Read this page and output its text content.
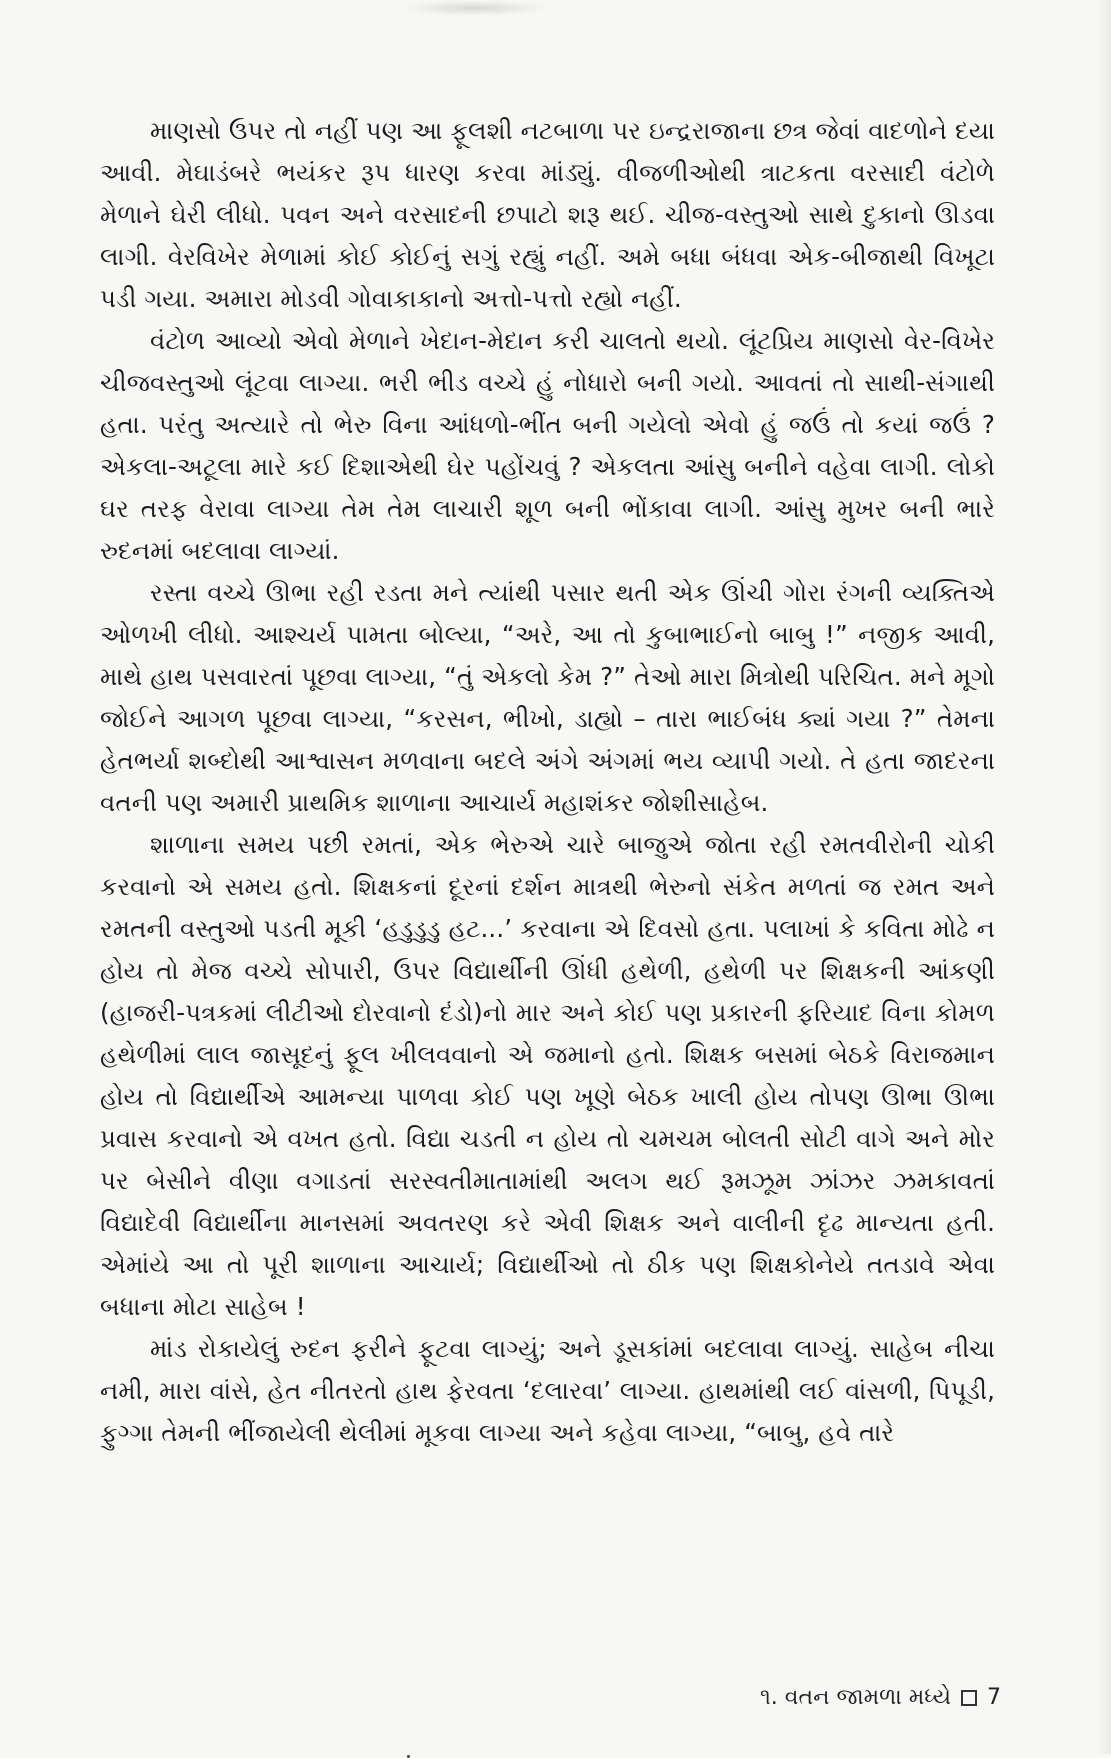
માણસો ઉપર તો નહીં પણ આ ફૂલશી નટબાળા પર ઇન્દ્રરાજાના છત્ર જેવાં વાદળોને દયા આવી. મેઘાડંબરે ભયંકર રૂપ ધારણ કરવા માંડ્યું. વીજળીઓથી ત્રાટકતા વરસાદી વંટોળે મેળાને ઘેરી લીધો. પવન અને વરસાદની છપાટો શરૂ થઈ. ચીજ-વસ્તુઓ સાથે દુકાનો ઊડવા લાગી. વેરવિખેર મેળામાં કોઈ કોઈનું સગું રહ્યું નહીં. અમે બધા બંધવા એક-બીજાથી વિખૂટા પડી ગયા. અમારા મોડવી ગોવાકાકાનો અત્તો-પત્તો રહ્યો નહીં.

વંટોળ આવ્યો એવો મેળાને ખેદાન-મેદાન કરી ચાલતો થયો. લૂંટપ્રિય માણસો વેર-વિખેર ચીજવસ્તુઓ લૂંટવા લાગ્યા. ભરી ભીડ વચ્ચે હું નોધારો બની ગયો. આવતાં તો સાથી-સંગાથી હતા. પરંતુ અત્યારે તો ભેરુ વિના આંધળો-ભીંત બની ગયેલો એવો હું જઉં તો કયાં જઉં ? એકલા-અટૂલા મારે કઈ દિશાએથી ઘેર પહોંચવું ? એકલતા આંસુ બનીને વહેવા લાગી. લોકો ઘર તરફ વેરાવા લાગ્યા તેમ તેમ લાચારી શૂળ બની ભોંકાવા લાગી. આંસુ મુખર બની ભારે રુદનમાં બદલાવા લાગ્યાં.

રસ્તા વચ્ચે ઊભા રહી રડતા મને ત્યાંથી પસાર થતી એક ઊંચી ગોરા રંગની વ્યક્તિએ ઓળખી લીધો. આશ્ચર્ય પામતા બોલ્યા, “અરે, આ તો કુબાભાઈનો બાબુ !” નજીક આવી, માથે હાથ પસવારતાં પૂછવા લાગ્યા, “તું એકલો કેમ ?” તેઓ મારા મિત્રોથી પરિચિત. મને મૂગો જોઈને આગળ પૂછવા લાગ્યા, “કરસન, ભીખો, ડાહ્યો – તારા ભાઈબંધ ક્યાં ગયા ?” તેમના હેતભર્યા શબ્દોથી આશ્વાસન મળવાના બદલે અંગે અંગમાં ભય વ્યાપી ગયો. તે હતા જાદરના વતની પણ અમારી પ્રાથમિક શાળાના આચાર્ય મહાશંકર જોશીસાહેબ.

શાળાના સમય પછી રમતાં, એક ભેરુએ ચારે બાજુએ જોતા રહી રમતવીરોની ચોકી કરવાનો એ સમય હતો. શિક્ષકનાં દૂરનાં દર્શન માત્રથી ભેરુનો સંકેત મળતાં જ રમત અને રમતની વસ્તુઓ પડતી મૂકી ‘હડુડુડુ હટ...’ કરવાના એ દિવસો હતા. પલાખાં કે કવિતા મોઢે ન હોય તો મેજ વચ્ચે સોપારી, ઉપર વિદ્યાર્થીની ઊંધી હથેળી, હથેળી પર શિક્ષકની આંકણી (હાજરી-પત્રકમાં લીટીઓ દોરવાનો દંડો)નો માર અને કોઈ પણ પ્રકારની ફરિયાદ વિના કોમળ હથેળીમાં લાલ જાસૂદનું ફૂલ ખીલવવાનો એ જમાનો હતો. શિક્ષક બસમાં બેઠકે વિરાજમાન હોય તો વિદ્યાર્થીએ આમન્યા પાળવા કોઈ પણ ખૂણે બેઠક ખાલી હોય તોપણ ઊભા ઊભા પ્રવાસ કરવાનો એ વખત હતો. વિદ્યા ચડતી ન હોય તો ચમચમ બોલતી સોટી વાગે અને મોર પર બેસીને વીણા વગાડતાં સરસ્વતીમાતામાંથી અલગ થઈ રૂમઝૂમ ઝાંઝર ઝમકાવતાં વિદ્યાદેવી વિદ્યાર્થીના માનસમાં અવતરણ કરે એવી શિક્ષક અને વાલીની દૃઢ માન્યતા હતી. એમાંયે આ તો પૂરી શાળાના આચાર્ય; વિદ્યાર્થીઓ તો ઠીક પણ શિક્ષકોનેયે તતડાવે એવા બધાના મોટા સાહેબ !

માંડ રોકાયેલું રુદન ફરીને ફૂટવા લાગ્યું; અને ડૂસકાંમાં બદલાવા લાગ્યું. સાહેબ નીચા નમી, મારા વાંસે, હેત નીતરતો હાથ ફેરવતા ‘દલારવા’ લાગ્યા. હાથમાંથી લઈ વાંસળી, પિપૂડી, ફુગ્ગા તેમની ભીંજાયેલી થેલીમાં મૂકવા લાગ્યા અને કહેવા લાગ્યા, “બાબુ, હવે તારે

૧. વતન જામળા મધ્યે 7
